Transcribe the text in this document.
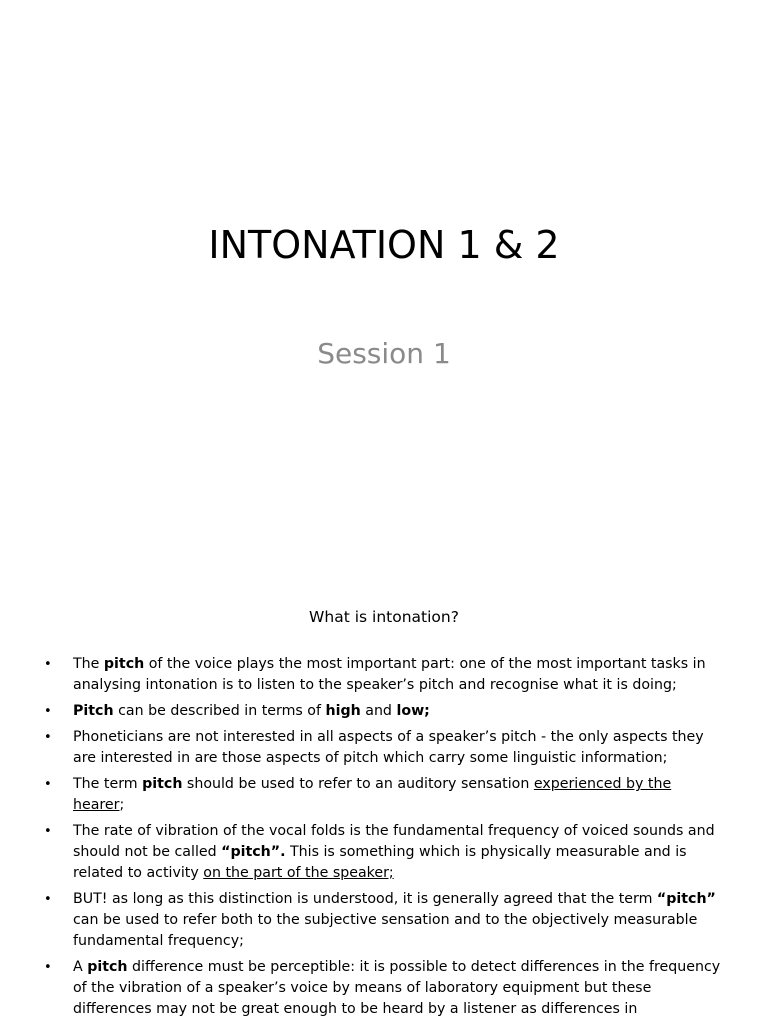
INTONATION 1 & 2
Session 1
What is intonation?
• The pitch of the voice plays the most important part: one of the most important tasks in analysing intonation is to listen to the speaker’s pitch and recognise what it is doing;
• Pitch can be described in terms of high and low;
• Phoneticians are not interested in all aspects of a speaker’s pitch - the only aspects they are interested in are those aspects of pitch which carry some linguistic information;
• The term pitch should be used to refer to an auditory sensation experienced by the hearer;
• The rate of vibration of the vocal folds is the fundamental frequency of voiced sounds and should not be called “pitch”. This is something which is physically measurable and is related to activity on the part of the speaker;
• BUT! as long as this distinction is understood, it is generally agreed that the term “pitch” can be used to refer both to the subjective sensation and to the objectively measurable fundamental frequency;
• A pitch difference must be perceptible: it is possible to detect differences in the frequency of the vibration of a speaker’s voice by means of laboratory equipment but these differences may not be great enough to be heard by a listener as differences in
